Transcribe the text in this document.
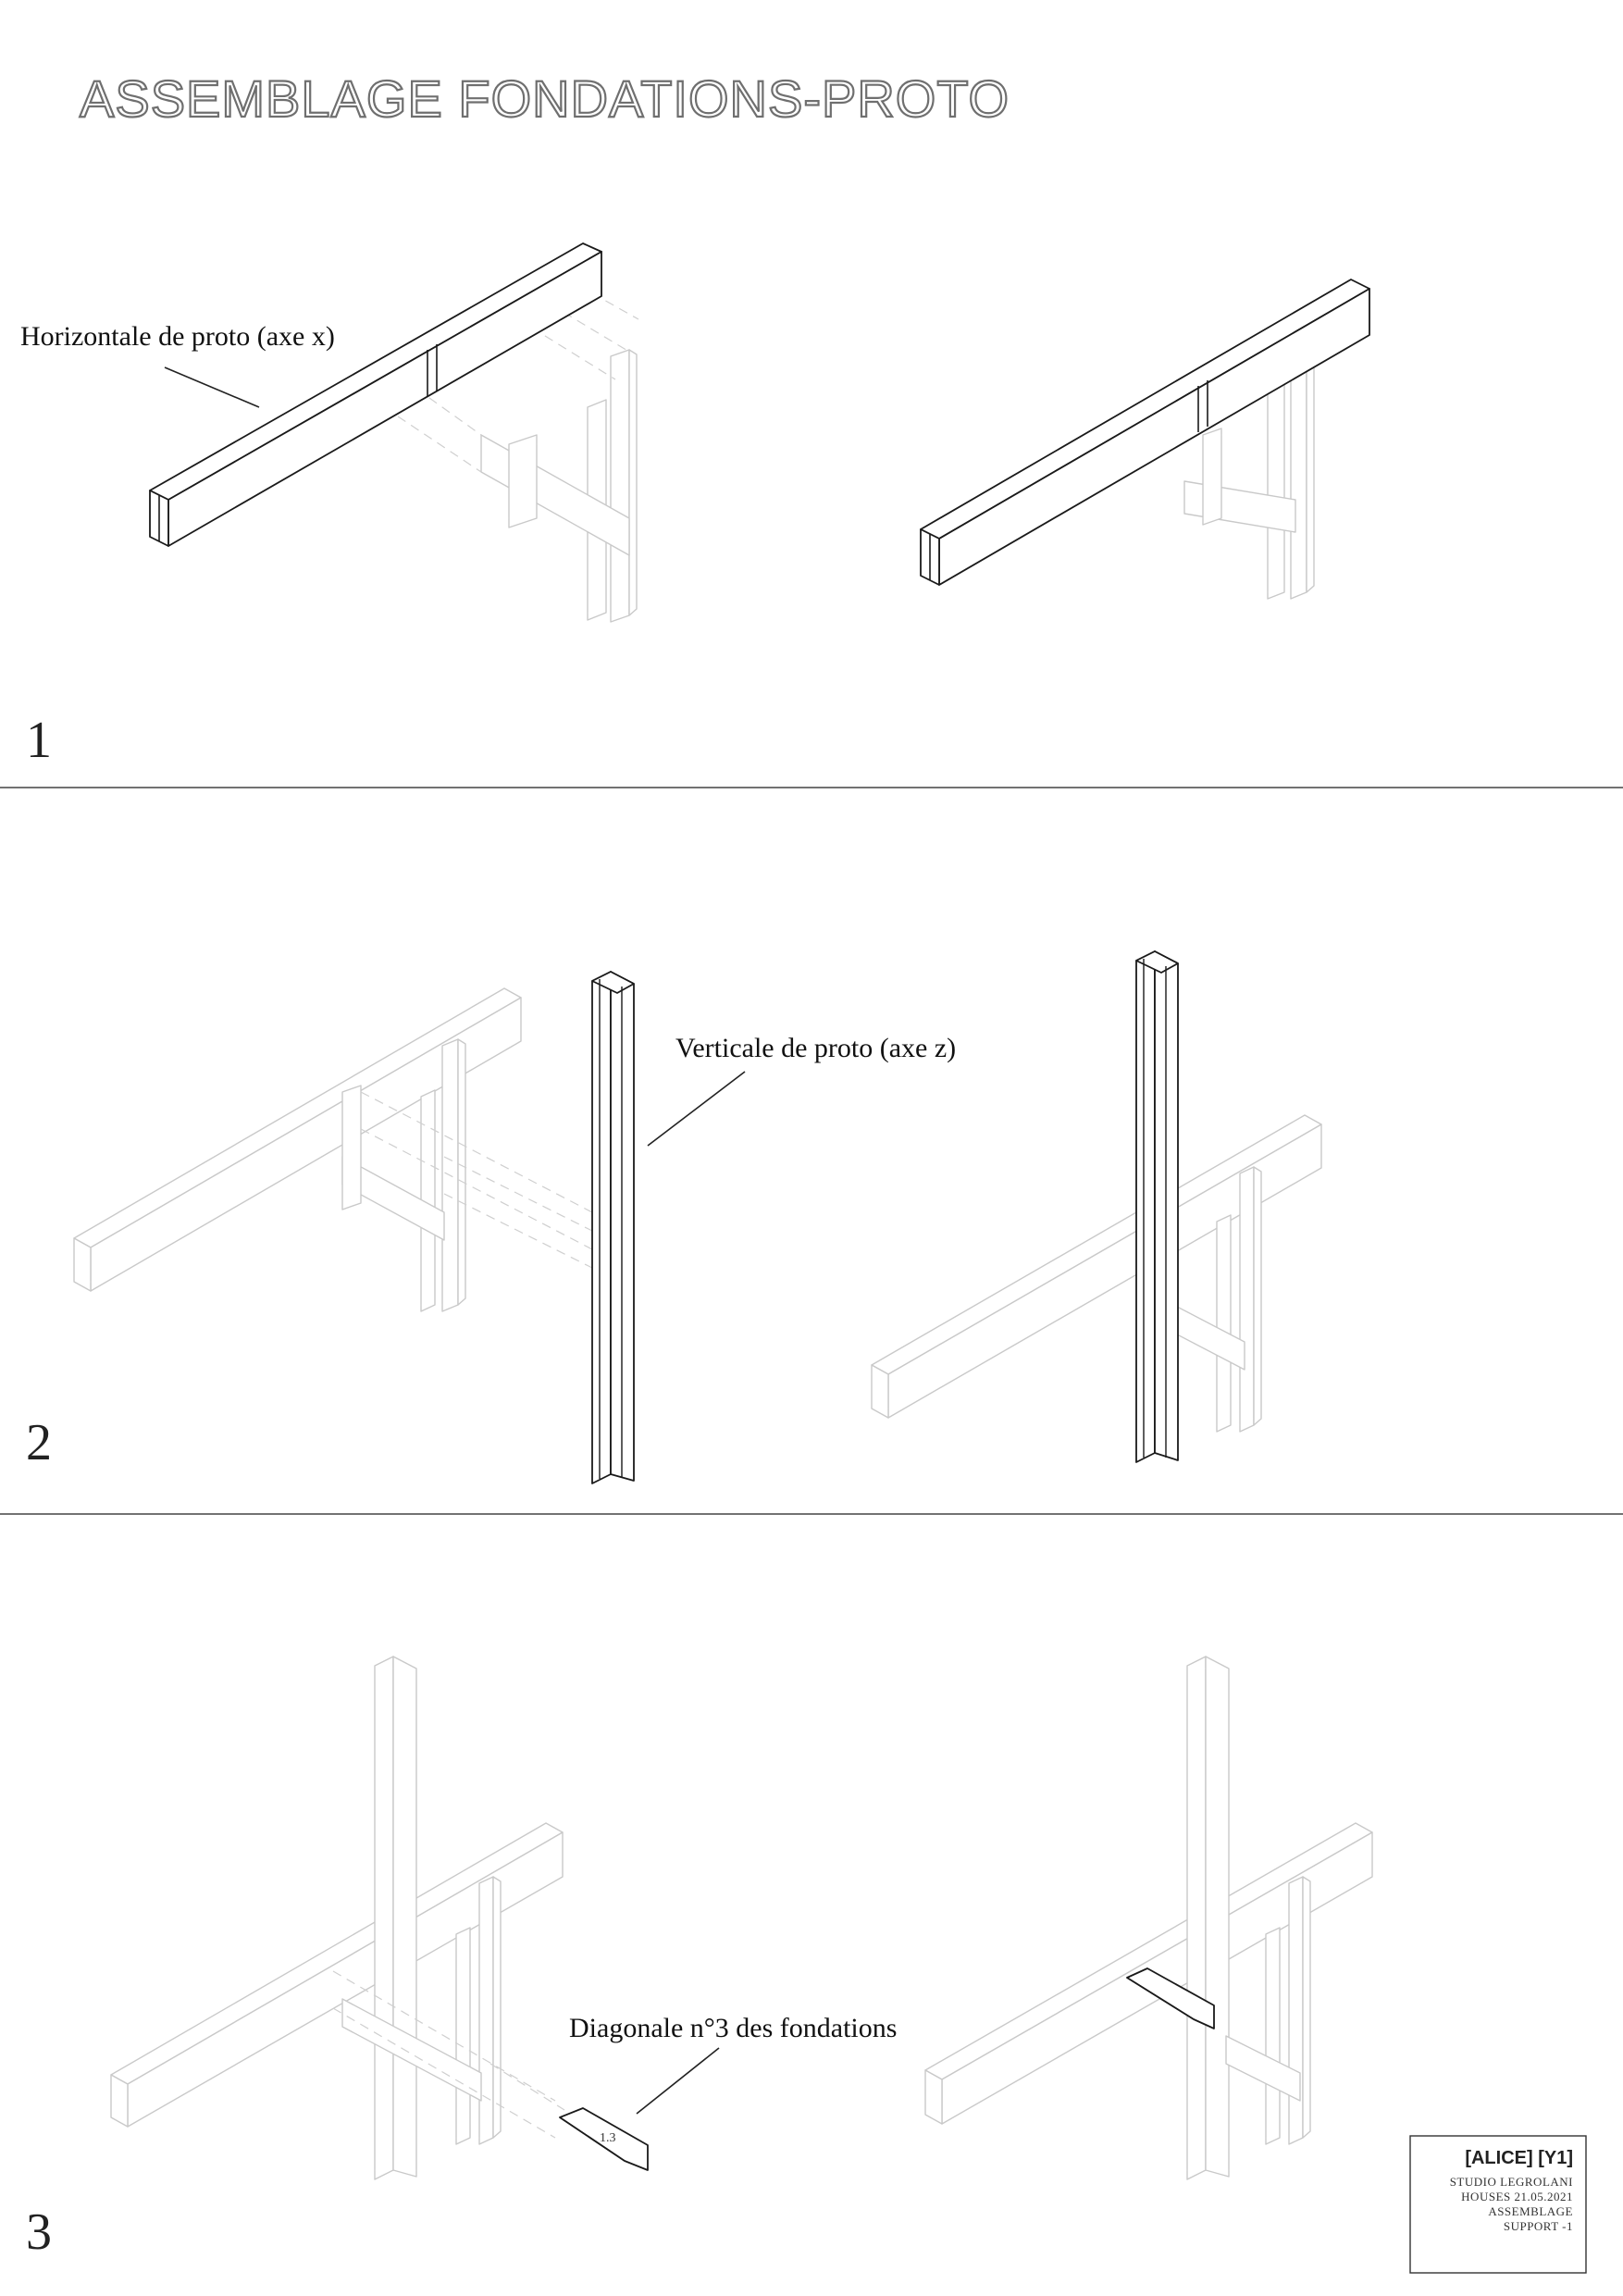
ASSEMBLAGE FONDATIONS-PROTO
Horizontale de proto (axe x)
1
Verticale de proto (axe z)
2
1.3
Diagonale n°3 des fondations
3
[ALICE] [Y1]
STUDIO LEGROLANI
HOUSES 21.05.2021
ASSEMBLAGE
SUPPORT -1
